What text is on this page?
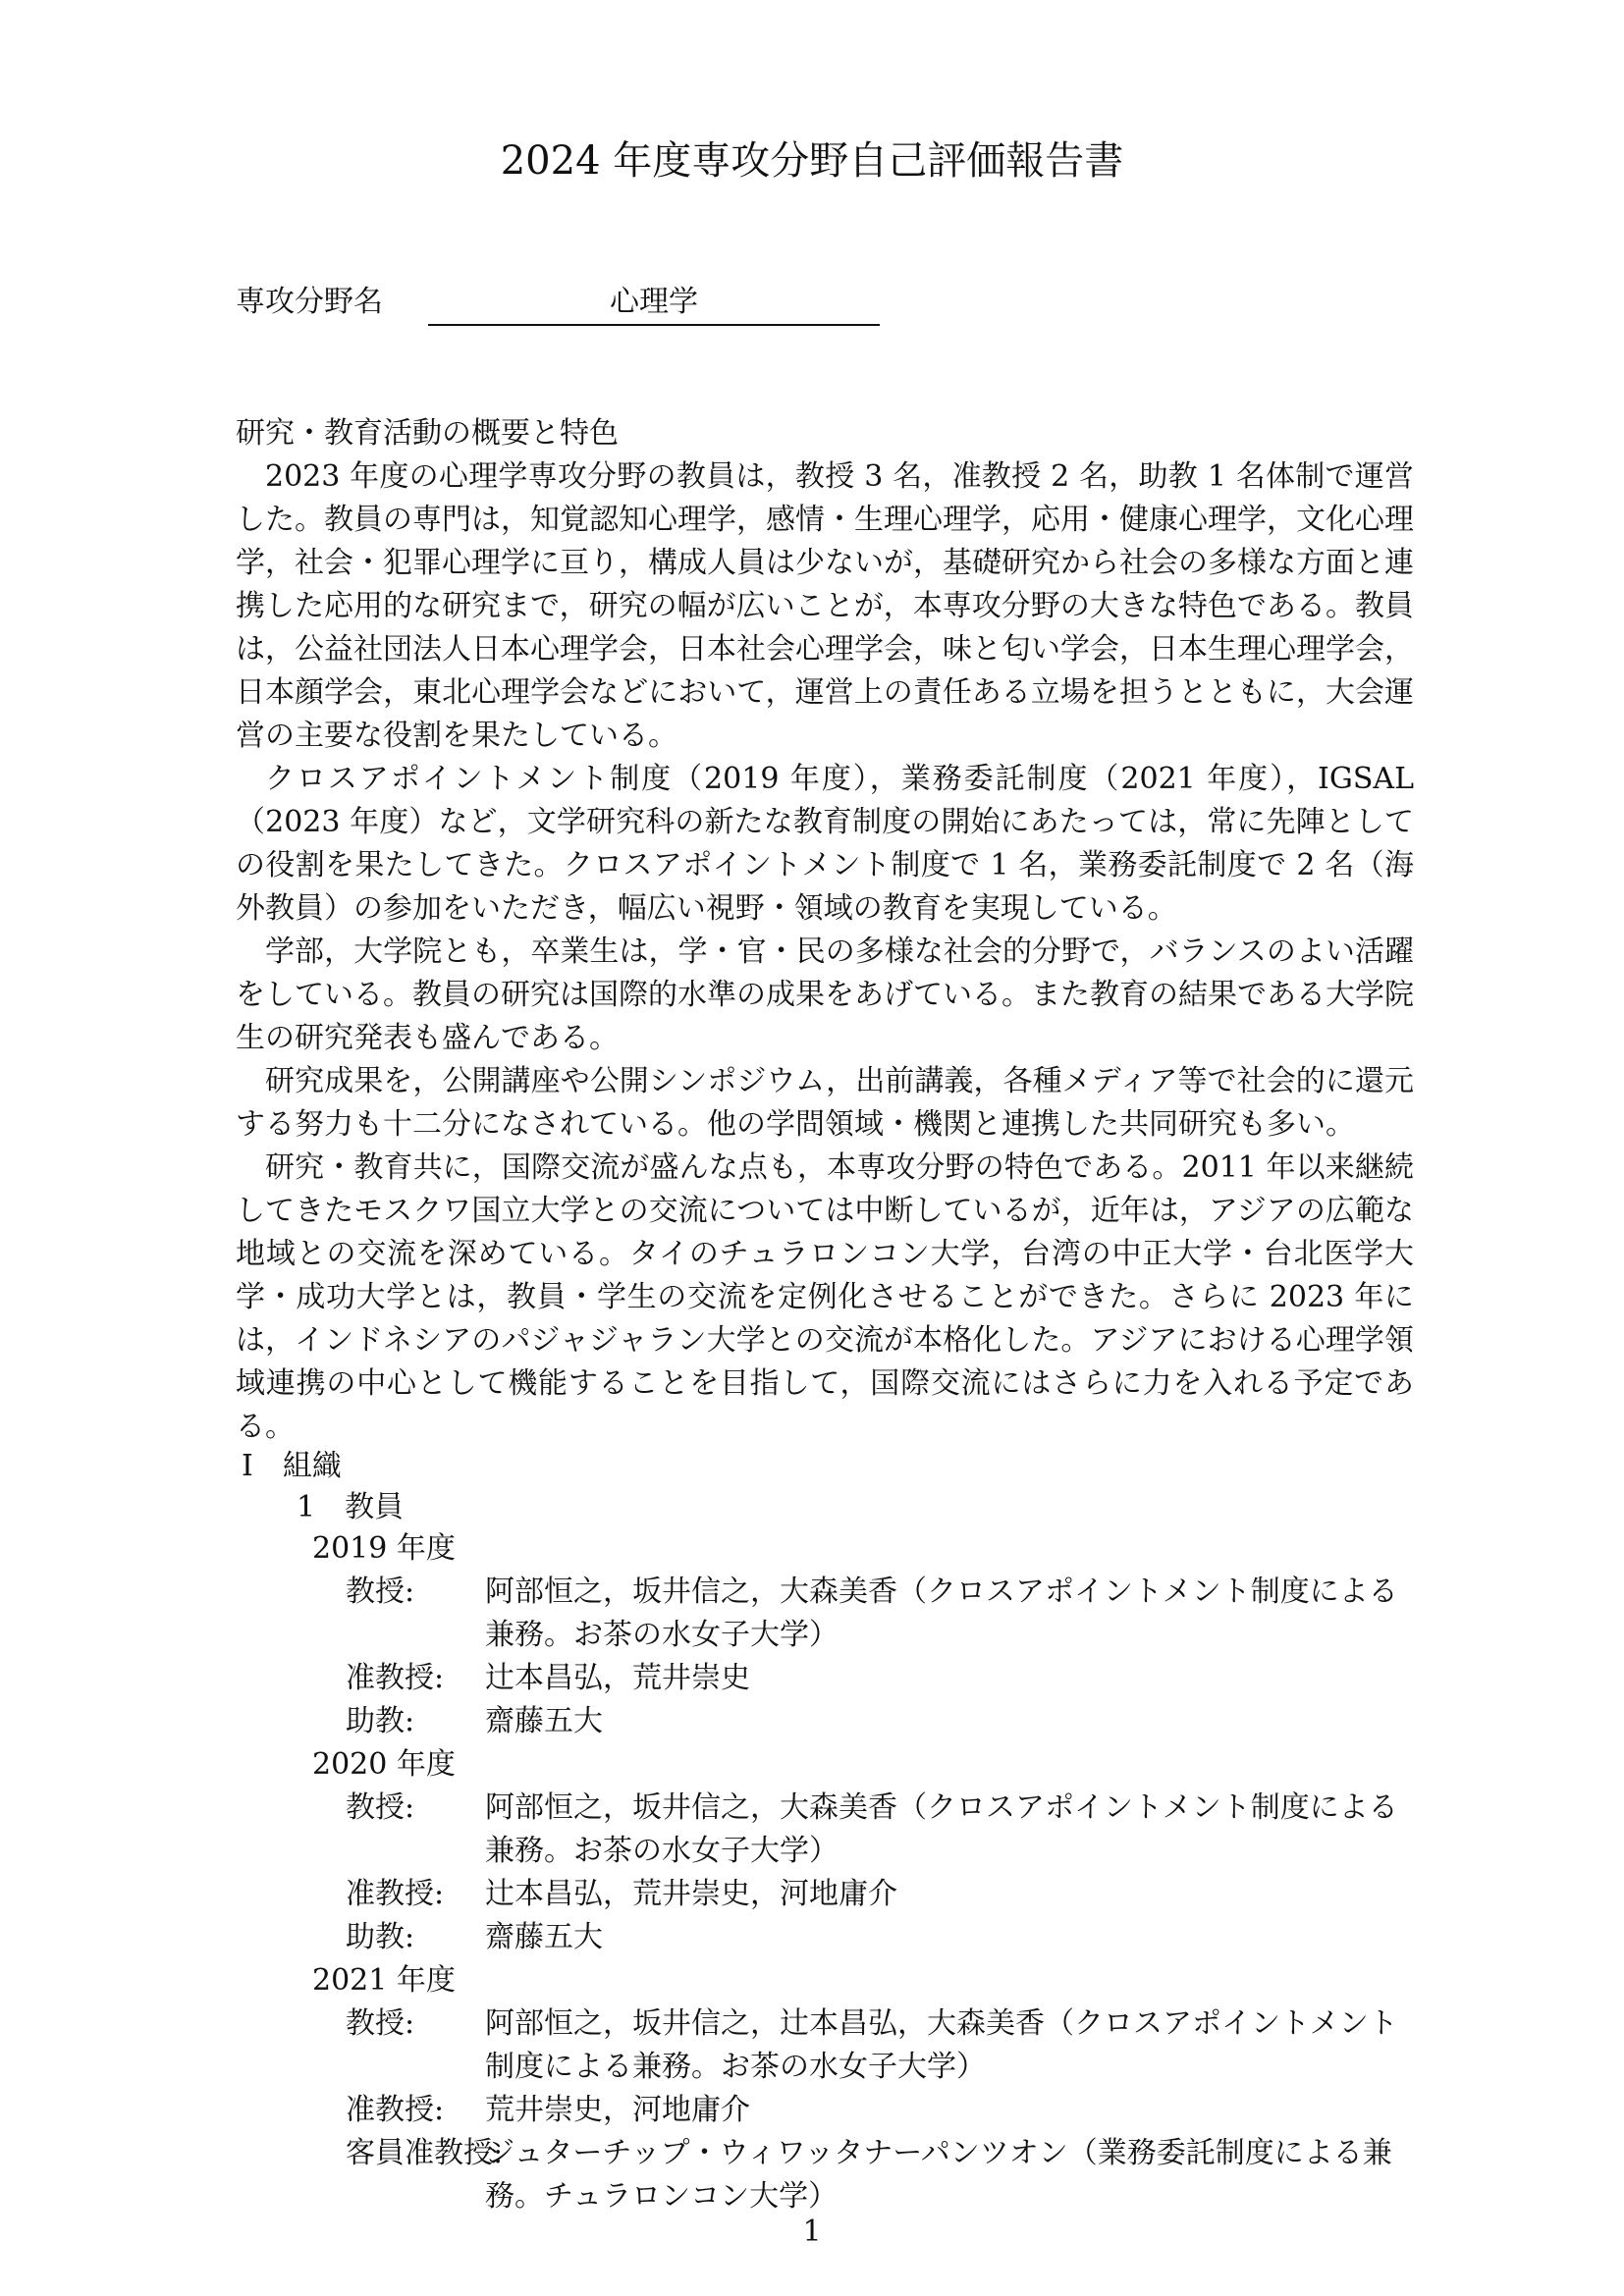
2024 年度専攻分野自己評価報告書
専攻分野名	心理学

研究・教育活動の概要と特色

2023 年度の心理学専攻分野の教員は，教授 3 名，准教授 2 名，助教 1 名体制で運営した。教員の専門は，知覚認知心理学，感情・生理心理学，応用・健康心理学，文化心理学，社会・犯罪心理学に亘り，構成人員は少ないが，基礎研究から社会の多様な方面と連携した応用的な研究まで，研究の幅が広いことが，本専攻分野の大きな特色である。教員は，公益社団法人日本心理学会，日本社会心理学会，味と匂い学会，日本生理心理学会，日本顔学会，東北心理学会などにおいて，運営上の責任ある立場を担うとともに，大会運営の主要な役割を果たしている。

クロスアポイントメント制度（2019 年度），業務委託制度（2021 年度），IGSAL（2023 年度）など，文学研究科の新たな教育制度の開始にあたっては，常に先陣としての役割を果たしてきた。クロスアポイントメント制度で 1 名，業務委託制度で 2 名（海外教員）の参加をいただき，幅広い視野・領域の教育を実現している。

学部，大学院とも，卒業生は，学・官・民の多様な社会的分野で，バランスのよい活躍をしている。教員の研究は国際的水準の成果をあげている。また教育の結果である大学院生の研究発表も盛んである。

研究成果を，公開講座や公開シンポジウム，出前講義，各種メディア等で社会的に還元する努力も十二分になされている。他の学問領域・機関と連携した共同研究も多い。

研究・教育共に，国際交流が盛んな点も，本専攻分野の特色である。2011 年以来継続してきたモスクワ国立大学との交流については中断しているが，近年は，アジアの広範な地域との交流を深めている。タイのチュラロンコン大学，台湾の中正大学・台北医学大学・成功大学とは，教員・学生の交流を定例化させることができた。さらに 2023 年には，インドネシアのパジャジャラン大学との交流が本格化した。アジアにおける心理学領域連携の中心として機能することを目指して，国際交流にはさらに力を入れる予定である。

Ⅰ　組織
1　教員

2019 年度

教授: 阿部恒之，坂井信之，大森美香（クロスアポイントメント制度による兼務。お茶の水女子大学）
准教授: 辻本昌弘，荒井崇史
助教: 齋藤五大

2020 年度

教授: 阿部恒之，坂井信之，大森美香（クロスアポイントメント制度による兼務。お茶の水女子大学）
准教授: 辻本昌弘，荒井崇史，河地庸介
助教: 齋藤五大

2021 年度

教授: 阿部恒之，坂井信之，辻本昌弘，大森美香（クロスアポイントメント制度による兼務。お茶の水女子大学）
准教授: 荒井崇史，河地庸介
客員准教授:
ジュターチップ・ウィワッタナーパンツオン（業務委託制度による兼務。チュラロンコン大学）
1
